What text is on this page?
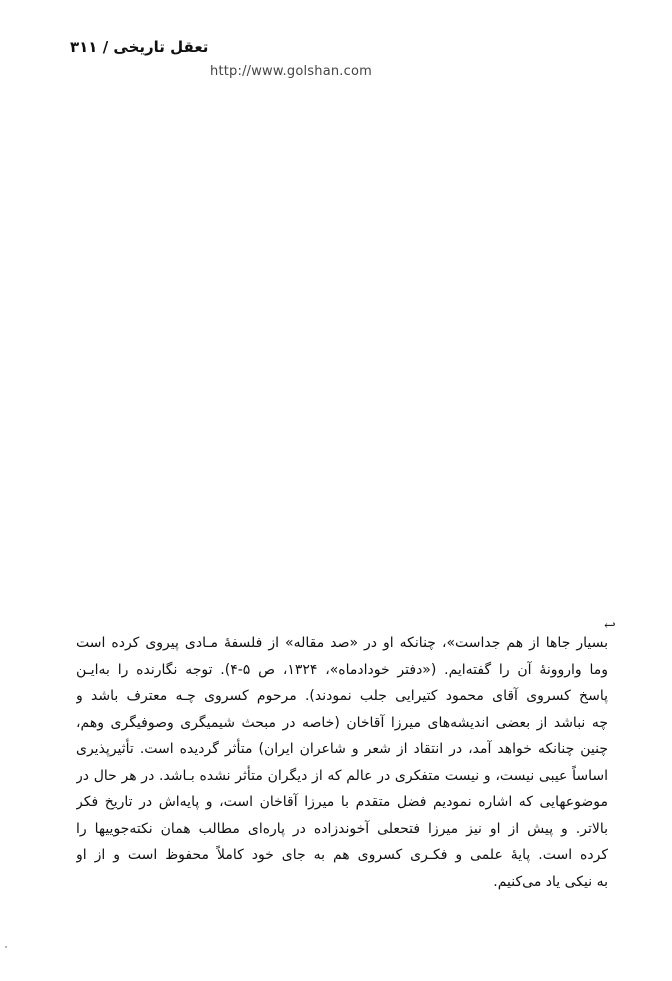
تعقل تاریخی / ۳۱۱
http://www.golshan.com
↩
بسیار جاها از هم جداست»، چنانکه او در «صد مقاله» از فلسفهٔ مـادی پیروی کرده است
وما واروونهٔ آن را گفته‌ایم. («دفتر خودادماه»، ۱۳۲۴، ص ۵-۴). توجه نگارنده را به‌ایـن
پاسخ کسروی آقای محمود کتیرایی جلب نمودند). مرحوم کسروی چـه معترف باشد و
چه نباشد از بعضی اندیشه‌های میرزا آقاخان (خاصه در مبحث شیمیگری وصوفیگری وهم،
چنین چنانکه خواهد آمد، در انتقاد از شعر و شاعران ایران) متأثر گردیده است. تأثیرپذیری
اساساً عیبی نیست، و نیست متفکری در عالم که از دیگران متأثر نشده بـاشد. در هر حال در
موضوعهایی که اشاره نمودیم فضل متقدم با میرزا آقاخان است، و پایه‌اش در تاریخ فکر
بالاتر. و پیش از او نیز میرزا فتحعلی آخوندزاده در پاره‌ای مطالب همان نکته‌جوییها را
کرده است. پایهٔ علمی و فکـری کسروی هم به جای خود کاملاً محفوظ است و از او
به نیکی یاد می‌کنیم.
